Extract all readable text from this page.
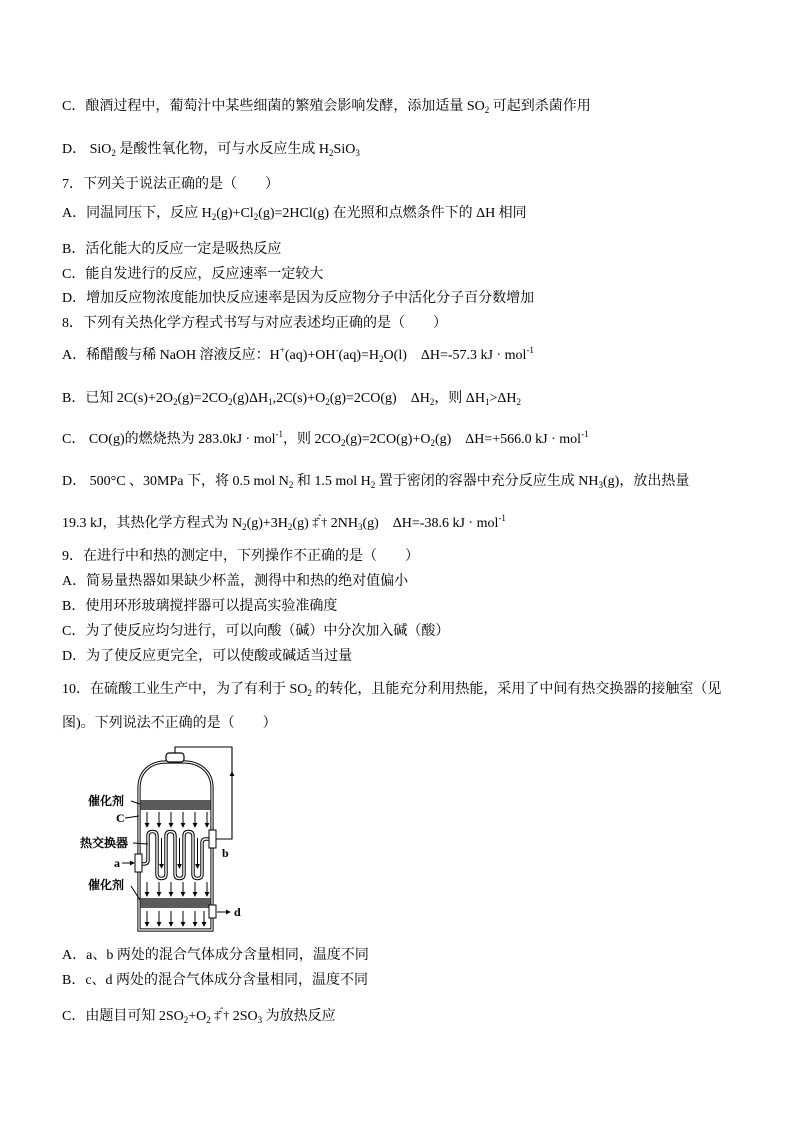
C．酿酒过程中，葡萄汁中某些细菌的繁殖会影响发酵，添加适量 $SO_2$ 可起到杀菌作用

D． SiO$_2$ 是酸性氧化物，可与水反应生成 $H_2SiO_3$

7．下列关于说法正确的是（　　）

A．同温同压下，反应 $H_2(g)+Cl_2(g)=2HCl(g)$ 在光照和点燃条件下的 ΔH 相同

B．活化能大的反应一定是吸热反应

C．能自发进行的反应，反应速率一定较大

D．增加反应物浓度能加快反应速率是因为反应物分子中活化分子百分数增加

8．下列有关热化学方程式书写与对应表述均正确的是（　　）

A．稀醋酸与稀 NaOH 溶液反应：$H^+(aq)+OH^-(aq)=H_2O(l)$    ΔH=-57.3 kJ · mol$^{-1}$

B．已知 $2C(s)+2O_2(g)=2CO_2(g)\Delta H_1,2C(s)+O_2(g)=2CO(g)$    $\Delta H_2$，则 $\Delta H_1>\Delta H_2$

C． CO(g)的燃烧热为 283.0kJ · mol$^{-1}$，则 $2CO_2(g)=2CO(g)+O_2(g)$    ΔH=+566.0 kJ · mol$^{-1}$

D． 500°C 、30MPa 下，将 0.5 mol $N_2$ 和 1.5 mol $H_2$ 置于密闭的容器中充分反应生成 $NH_3(g)$，放出热量

19.3 kJ，其热化学方程式为 $N_2(g)+3H_2(g)$ ‡̂$^ˆ$† $2NH_3(g)$    ΔH=-38.6 kJ · mol$^{-1}$

9．在进行中和热的测定中，下列操作不正确的是（　　）

A．简易量热器如果缺少杯盖，测得中和热的绝对值偏小

B．使用环形玻璃搅拌器可以提高实验准确度

C．为了使反应均匀进行，可以向酸（碱）中分次加入碱（酸）

D．为了使反应更完全，可以使酸或碱适当过量

10．在硫酸工业生产中，为了有利于 $SO_2$ 的转化，且能充分利用热能，采用了中间有热交换器的接触室（见

图)。下列说法不正确的是（　　）

催化剂
C
热交换器
a
b
催化剂
d

A．a、b 两处的混合气体成分含量相同，温度不同

B．c、d 两处的混合气体成分含量相同，温度不同

C．由题目可知 $2SO_2+O_2$ ‡̂$^ˆ$† $2SO_3$ 为放热反应
